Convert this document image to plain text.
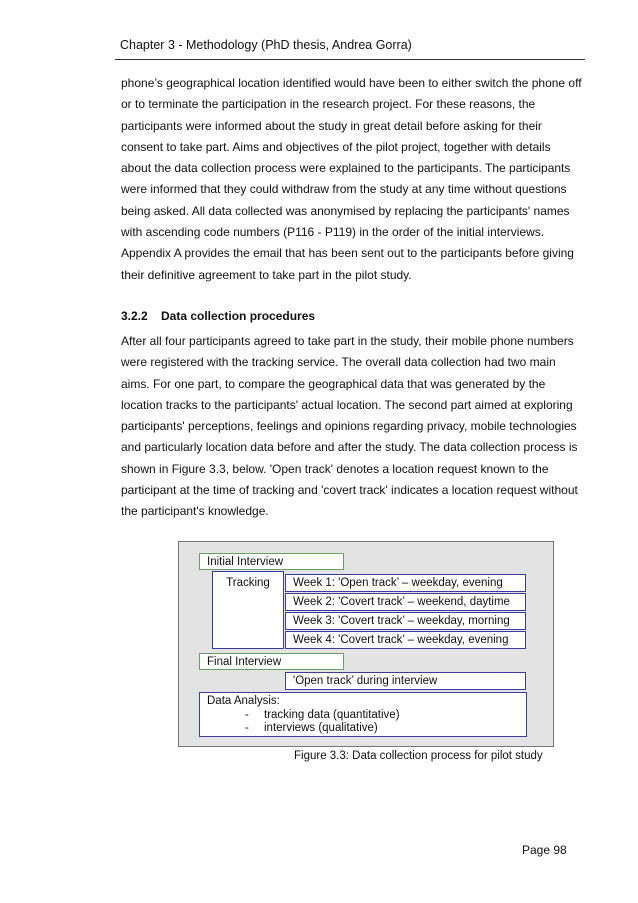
Chapter 3 - Methodology (PhD thesis, Andrea Gorra)
phone’s geographical location identified would have been to either switch the phone off or to terminate the participation in the research project. For these reasons, the participants were informed about the study in great detail before asking for their consent to take part. Aims and objectives of the pilot project, together with details about the data collection process were explained to the participants. The participants were informed that they could withdraw from the study at any time without questions being asked. All data collected was anonymised by replacing the participants' names with ascending code numbers (P116 - P119) in the order of the initial interviews. Appendix A provides the email that has been sent out to the participants before giving their definitive agreement to take part in the pilot study.
3.2.2 Data collection procedures
After all four participants agreed to take part in the study, their mobile phone numbers were registered with the tracking service. The overall data collection had two main aims. For one part, to compare the geographical data that was generated by the location tracks to the participants' actual location. The second part aimed at exploring participants' perceptions, feelings and opinions regarding privacy, mobile technologies and particularly location data before and after the study. The data collection process is shown in Figure 3.3, below. 'Open track' denotes a location request known to the participant at the time of tracking and 'covert track' indicates a location request without the participant's knowledge.
Initial Interview
Tracking	Week 1: 'Open track’ – weekday, evening
Week 2: 'Covert track’ – weekend, daytime
Week 3: 'Covert track’ – weekday, morning
Week 4: 'Covert track’ – weekday, evening
Final Interview
'Open track’ during interview
Data Analysis:
- tracking data (quantitative)
- interviews (qualitative)
Figure 3.3: Data collection process for pilot study
Page 98
